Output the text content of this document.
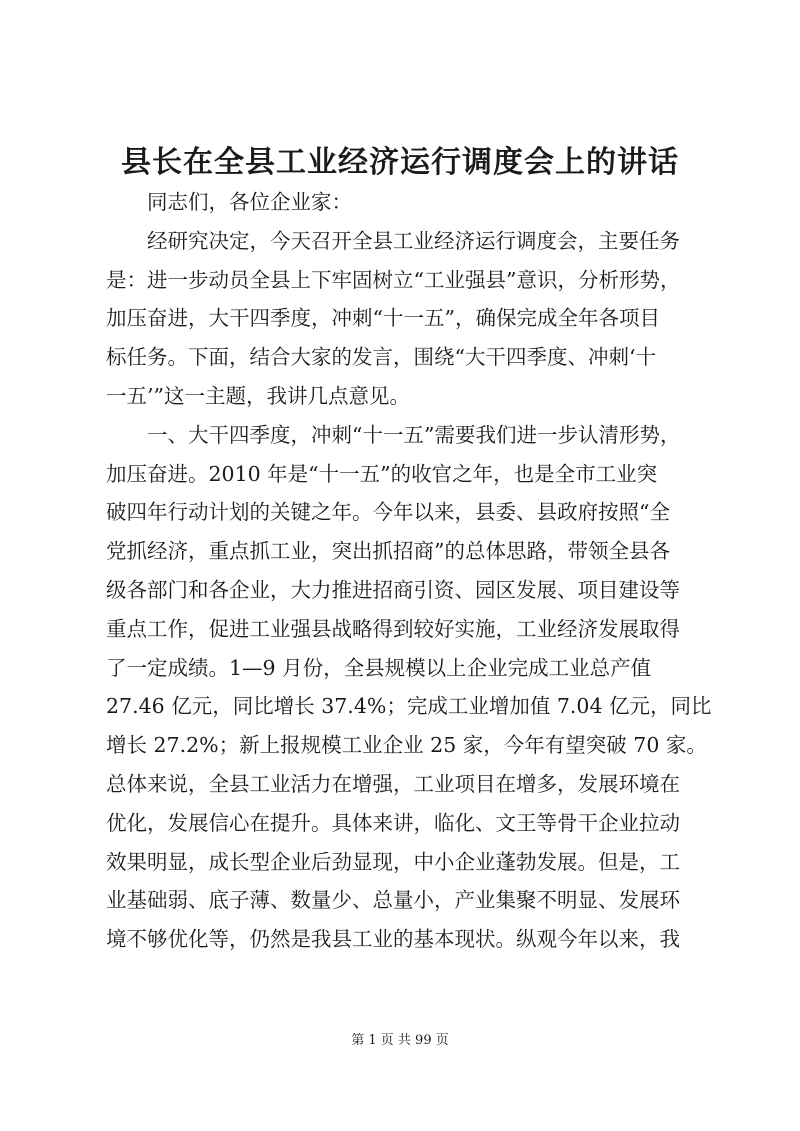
县长在全县工业经济运行调度会上的讲话

　　同志们，各位企业家：

　　经研究决定，今天召开全县工业经济运行调度会，主要任务

是：进一步动员全县上下牢固树立“工业强县”意识，分析形势，

加压奋进，大干四季度，冲刺“十一五”，确保完成全年各项目

标任务。下面，结合大家的发言，围绕“大干四季度、冲刺‘十

一五’”这一主题，我讲几点意见。

　　一、大干四季度，冲刺“十一五”需要我们进一步认清形势，

加压奋进。2010 年是“十一五”的收官之年，也是全市工业突

破四年行动计划的关键之年。今年以来，县委、县政府按照“全

党抓经济，重点抓工业，突出抓招商”的总体思路，带领全县各

级各部门和各企业，大力推进招商引资、园区发展、项目建设等

重点工作，促进工业强县战略得到较好实施，工业经济发展取得

了一定成绩。1—9 月份，全县规模以上企业完成工业总产值

27.46 亿元，同比增长 37.4%；完成工业增加值 7.04 亿元，同比

增长 27.2%；新上报规模工业企业 25 家，今年有望突破 70 家。

总体来说，全县工业活力在增强，工业项目在增多，发展环境在

优化，发展信心在提升。具体来讲，临化、文王等骨干企业拉动

效果明显，成长型企业后劲显现，中小企业蓬勃发展。但是，工

业基础弱、底子薄、数量少、总量小，产业集聚不明显、发展环

境不够优化等，仍然是我县工业的基本现状。纵观今年以来，我

第 1 页 共 99 页
